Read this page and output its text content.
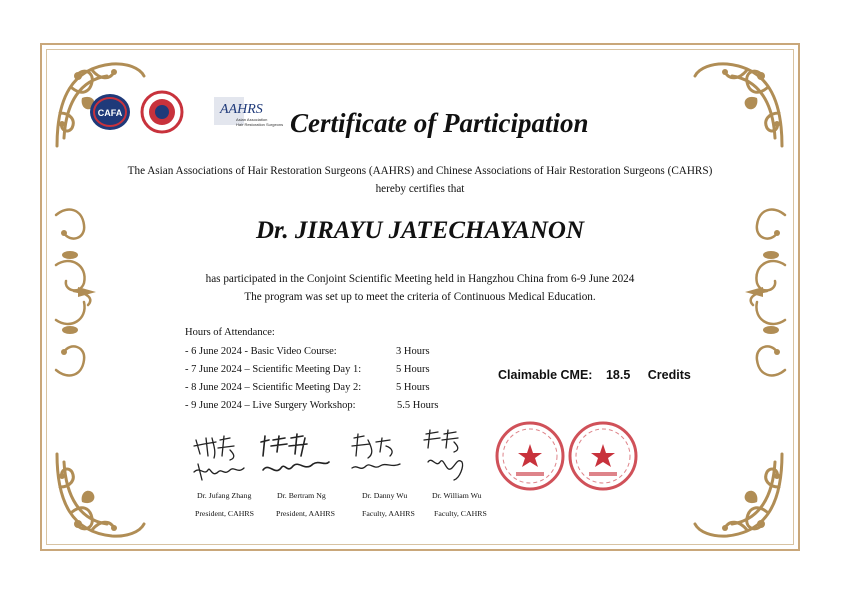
CAFA	AAHRS
Asian Association
Hair Restoration Surgeons Certificate of Participation
The Asian Associations of Hair Restoration Surgeons (AAHRS) and Chinese Associations of Hair Restoration Surgeons (CAHRS)
hereby certifies that
Dr. JIRAYU JATECHAYANON
has participated in the Conjoint Scientific Meeting held in Hangzhou China from 6-9 June 2024
The program was set up to meet the criteria of Continuous Medical Education.
Hours of Attendance:
- 6 June 2024 - Basic Video Course:	3 Hours
- 7 June 2024 – Scientific Meeting Day 1:	5 Hours
- 8 June 2024 – Scientific Meeting Day 2:	5 Hours
- 9 June 2024 – Live Surgery Workshop:	5.5 Hours
Claimable CME: 18.5 Credits
Dr. Jufang Zhang
President, CAHRS
Dr. Bertram Ng
President, AAHRS
Dr. Danny Wu
Faculty, AAHRS
Dr. William Wu
Faculty, CAHRS
